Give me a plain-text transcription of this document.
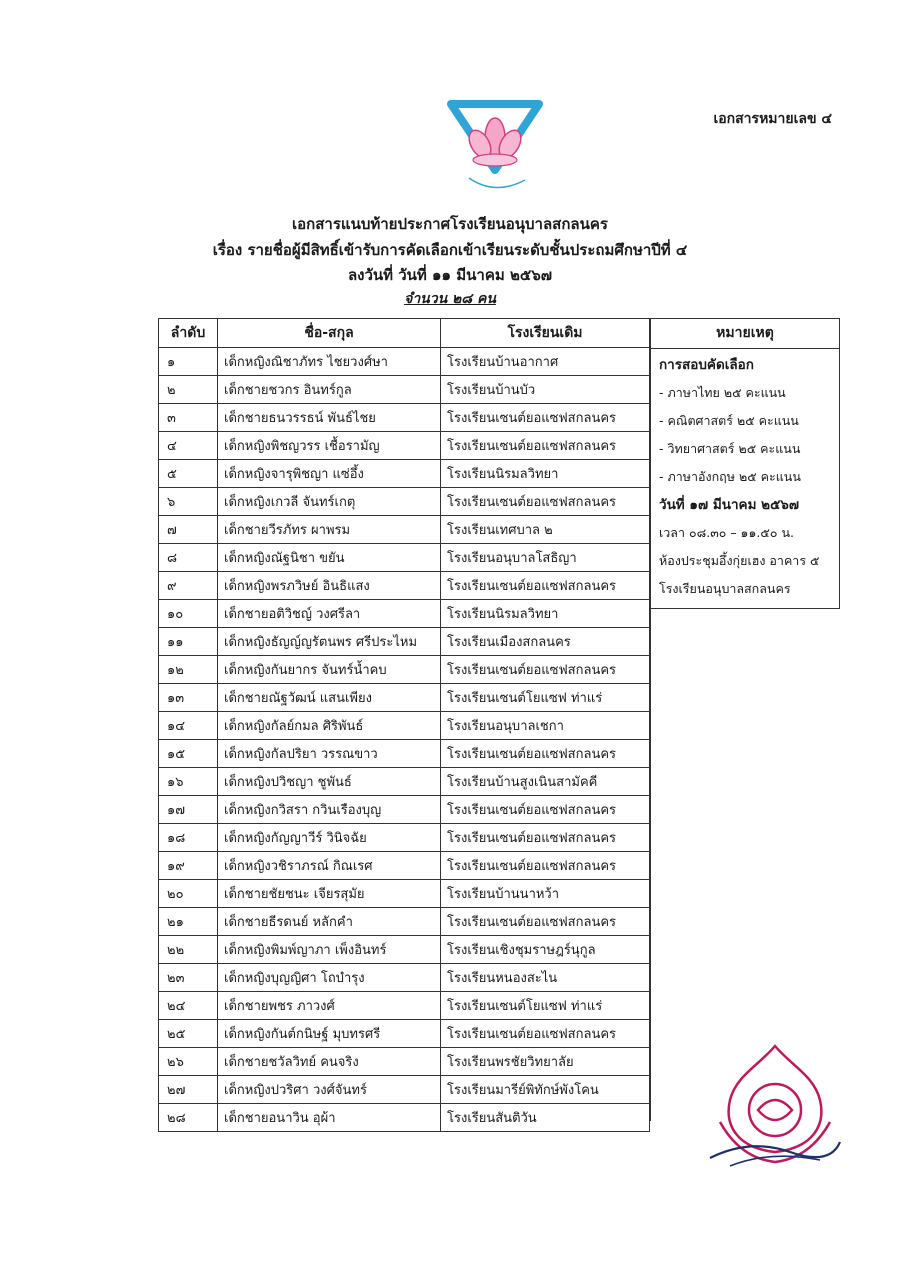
เอกสารหมายเลข ๔
เอกสารแนบท้ายประกาศโรงเรียนอนุบาลสกลนคร
เรื่อง รายชื่อผู้มีสิทธิ์เข้ารับการคัดเลือกเข้าเรียนระดับชั้นประถมศึกษาปีที่ ๔
ลงวันที่ วันที่ ๑๑ มีนาคม ๒๕๖๗
จำนวน ๒๘ คน
ลำดับ	ชื่อ-สกุล	โรงเรียนเดิม
๑	เด็กหญิงณิชาภัทร ไชยวงศ์ษา	โรงเรียนบ้านอากาศ
๒	เด็กชายชวกร อินทร์กูล	โรงเรียนบ้านบัว
๓	เด็กชายธนวรรธน์ พันธ์ไชย	โรงเรียนเซนต์ยอแซฟสกลนคร
๔	เด็กหญิงพิชญวรร เชื้อรามัญ	โรงเรียนเซนต์ยอแซฟสกลนคร
๕	เด็กหญิงจารุพิชญา แซ่อึ้ง	โรงเรียนนิรมลวิทยา
๖	เด็กหญิงเกวลี จันทร์เกตุ	โรงเรียนเซนต์ยอแซฟสกลนคร
๗	เด็กชายวีรภัทร ผาพรม	โรงเรียนเทศบาล ๒
๘	เด็กหญิงณัฐนิชา ขยัน	โรงเรียนอนุบาลโสธิญา
๙	เด็กหญิงพรภวิษย์ อินธิแสง	โรงเรียนเซนต์ยอแซฟสกลนคร
๑๐	เด็กชายอติวิชญ์ วงศรีลา	โรงเรียนนิรมลวิทยา
๑๑	เด็กหญิงธัญญ์ญรัตนพร ศรีประไหม	โรงเรียนเมืองสกลนคร
๑๒	เด็กหญิงกันยากร จันทร์น้ำคบ	โรงเรียนเซนต์ยอแซฟสกลนคร
๑๓	เด็กชายณัฐวัฒน์ แสนเพียง	โรงเรียนเซนต์โยแซฟ ท่าแร่
๑๔	เด็กหญิงกัลย์กมล ศิริพันธ์	โรงเรียนอนุบาลเชกา
๑๕	เด็กหญิงกัลปริยา วรรณขาว	โรงเรียนเซนต์ยอแซฟสกลนคร
๑๖	เด็กหญิงปวิชญา ชูพันธ์	โรงเรียนบ้านสูงเนินสามัคคี
๑๗	เด็กหญิงกวิสรา กวินเรืองบุญ	โรงเรียนเซนต์ยอแซฟสกลนคร
๑๘	เด็กหญิงกัญญาวีร์ วินิจฉัย	โรงเรียนเซนต์ยอแซฟสกลนคร
๑๙	เด็กหญิงวชิราภรณ์ กิณเรศ	โรงเรียนเซนต์ยอแซฟสกลนคร
๒๐	เด็กชายชัยชนะ เจียรสุมัย	โรงเรียนบ้านนาหว้า
๒๑	เด็กชายธีรดนย์ หลักคำ	โรงเรียนเซนต์ยอแซฟสกลนคร
๒๒	เด็กหญิงพิมพ์ญาภา เพ็งอินทร์	โรงเรียนเชิงชุมราษฎร์นุกูล
๒๓	เด็กหญิงบุญญิศา โถบำรุง	โรงเรียนหนองสะไน
๒๔	เด็กชายพชร ภาวงศ์	โรงเรียนเซนต์โยแซฟ ท่าแร่
๒๕	เด็กหญิงกันต์กนิษฐ์ มุบทรศรี	โรงเรียนเซนต์ยอแซฟสกลนคร
๒๖	เด็กชายชวัลวิทย์ คนจริง	โรงเรียนพรชัยวิทยาลัย
๒๗	เด็กหญิงปวริศา วงศ์จันทร์	โรงเรียนมารีย์พิทักษ์พังโคน
๒๘	เด็กชายอนาวิน อุผ้า	โรงเรียนสันติวัน
หมายเหตุ
การสอบคัดเลือก
- ภาษาไทย ๒๕ คะแนน
- คณิตศาสตร์ ๒๕ คะแนน
- วิทยาศาสตร์ ๒๕ คะแนน
- ภาษาอังกฤษ ๒๕ คะแนน
วันที่ ๑๗ มีนาคม ๒๕๖๗
เวลา ๐๘.๓๐ – ๑๑.๕๐ น.
ห้องประชุมอึ้งกุ่ยเฮง อาคาร ๕
โรงเรียนอนุบาลสกลนคร
